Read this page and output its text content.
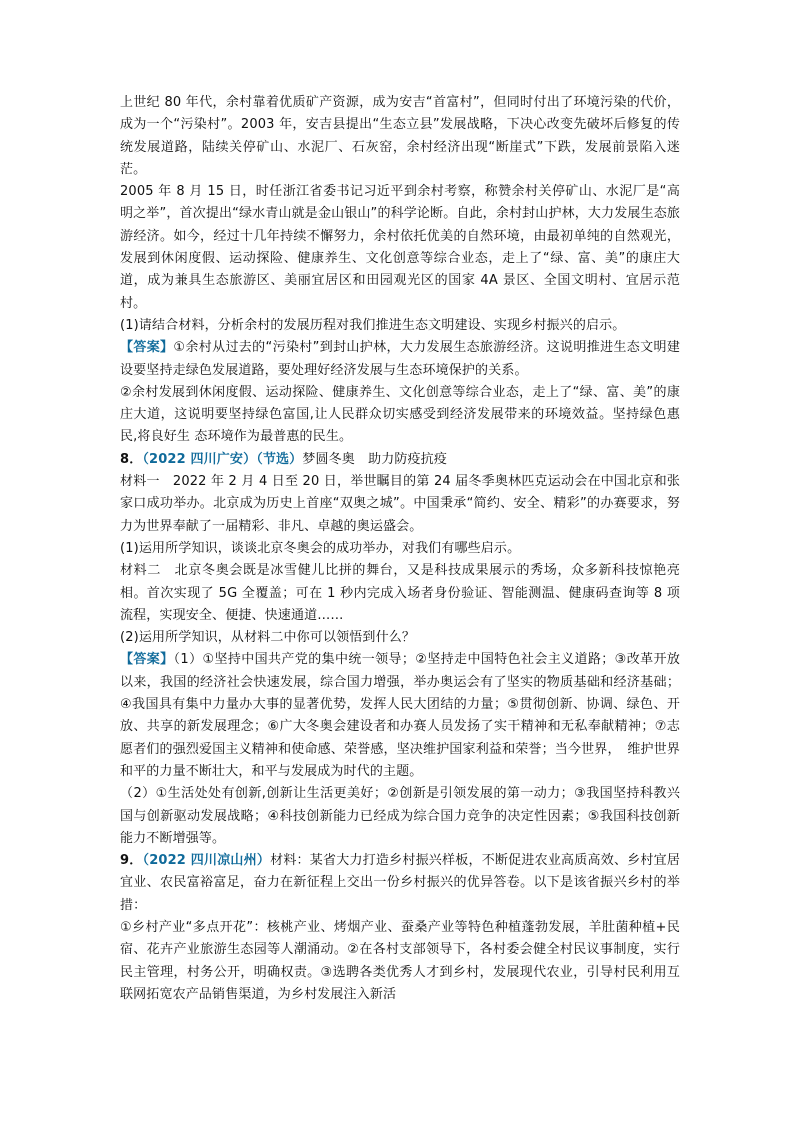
上世纪 80 年代，余村靠着优质矿产资源，成为安吉“首富村”，但同时付出了环境污染的代价，成为一个“污染村”。2003 年，安吉县提出“生态立县”发展战略，下决心改变先破坏后修复的传统发展道路，陆续关停矿山、水泥厂、石灰窑，余村经济出现“断崖式”下跌，发展前景陷入迷茫。

2005 年 8 月 15 日，时任浙江省委书记习近平到余村考察，称赞余村关停矿山、水泥厂是“高明之举”，首次提出“绿水青山就是金山银山”的科学论断。自此，余村封山护林，大力发展生态旅游经济。如今，经过十几年持续不懈努力，余村依托优美的自然环境，由最初单纯的自然观光，发展到休闲度假、运动探险、健康养生、文化创意等综合业态，走上了“绿、富、美”的康庄大道，成为兼具生态旅游区、美丽宜居区和田园观光区的国家 4A 景区、全国文明村、宜居示范村。

(1)请结合材料，分析余村的发展历程对我们推进生态文明建设、实现乡村振兴的启示。

【答案】①余村从过去的“污染村”到封山护林，大力发展生态旅游经济。这说明推进生态文明建设要坚持走绿色发展道路，要处理好经济发展与生态环境保护的关系。

②余村发展到休闲度假、运动探险、健康养生、文化创意等综合业态，走上了“绿、富、美”的康庄大道，这说明要坚持绿色富国,让人民群众切实感受到经济发展带来的环境效益。坚持绿色惠民,将良好生 态环境作为最普惠的民生。

8．（2022 四川广安）（节选）梦圆冬奥　助力防疫抗疫

材料一　2022 年 2 月 4 日至 20 日，举世瞩目的第 24 届冬季奥林匹克运动会在中国北京和张家口成功举办。北京成为历史上首座“双奥之城”。中国秉承“简约、安全、精彩”的办赛要求，努力为世界奉献了一届精彩、非凡、卓越的奥运盛会。

(1)运用所学知识，谈谈北京冬奥会的成功举办，对我们有哪些启示。

材料二　北京冬奥会既是冰雪健儿比拼的舞台，又是科技成果展示的秀场，众多新科技惊艳亮相。首次实现了 5G 全覆盖；可在 1 秒内完成入场者身份验证、智能测温、健康码查询等 8 项流程，实现安全、便捷、快速通道……

(2)运用所学知识，从材料二中你可以领悟到什么？

【答案】（1）①坚持中国共产党的集中统一领导；②坚持走中国特色社会主义道路；③改革开放以来，我国的经济社会快速发展，综合国力增强，举办奥运会有了坚实的物质基础和经济基础；④我国具有集中力量办大事的显著优势，发挥人民大团结的力量；⑤贯彻创新、协调、绿色、开放、共享的新发展理念；⑥广大冬奥会建设者和办赛人员发扬了实干精神和无私奉献精神；⑦志愿者们的强烈爱国主义精神和使命感、荣誉感，坚决维护国家利益和荣誉；当今世界，　维护世界和平的力量不断壮大，和平与发展成为时代的主题。

（2）①生活处处有创新,创新让生活更美好；②创新是引领发展的第一动力；③我国坚持科教兴国与创新驱动发展战略；④科技创新能力已经成为综合国力竞争的决定性因素；⑤我国科技创新能力不断增强等。

9．（2022 四川凉山州）材料：某省大力打造乡村振兴样板，不断促进农业高质高效、乡村宜居宜业、农民富裕富足，奋力在新征程上交出一份乡村振兴的优异答卷。以下是该省振兴乡村的举措：

①乡村产业“多点开花”：核桃产业、烤烟产业、蚕桑产业等特色种植蓬勃发展，羊肚菌种植+民宿、花卉产业旅游生态园等人潮涌动。②在各村支部领导下，各村委会健全村民议事制度，实行民主管理，村务公开，明确权责。③选聘各类优秀人才到乡村，发展现代农业，引导村民利用互联网拓宽农产品销售渠道，为乡村发展注入新活
